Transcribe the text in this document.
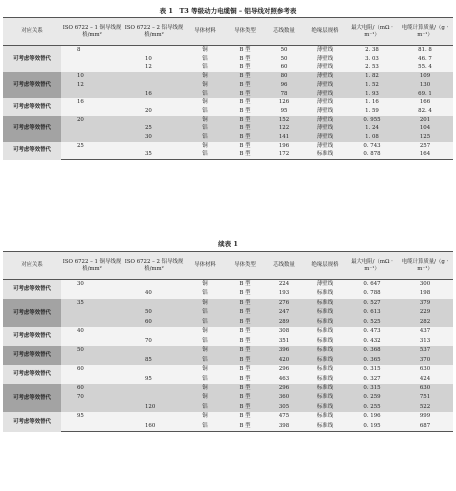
表 1　T3 等级动力电缆铜 – 铝导线对照参考表
对应关系	ISO 6722 – 1 铜导线规格/mm²	ISO 6722 – 2 铝导线规格/mm²	导体材料	导体类型	芯线数量	绝缘层规格	最大电阻/（mΩ · m⁻¹）	电缆计算质量/（g · m⁻¹）
可考虑等效替代	8		铜	B 型	50	薄壁线	2. 38	81. 8
		10	铝	B 型	50	薄壁线	3. 03	46. 7
		12	铝	B 型	60	薄壁线	2. 53	55. 4
可考虑等效替代	10		铜	B 型	80	薄壁线	1. 82	109
	12		铜	B 型	96	薄壁线	1. 52	130
		16	铝	B 型	78	薄壁线	1. 93	69. 1
可考虑等效替代	16		铜	B 型	126	薄壁线	1. 16	166
		20	铝	B 型	95	薄壁线	1. 59	82. 4
可考虑等效替代	20		铜	B 型	152	薄壁线	0. 955	201
		25	铝	B 型	122	薄壁线	1. 24	104
		30	铝	B 型	141	薄壁线	1. 08	125
可考虑等效替代	25		铜	B 型	196	薄壁线	0. 743	257
		35	铝	B 型	172	标准线	0. 878	164
续表 1
对应关系	ISO 6722 – 1 铜导线规格/mm²	ISO 6722 – 2 铝导线规格/mm²	导体材料	导体类型	芯线数量	绝缘层规格	最大电阻/（mΩ · m⁻¹）	电缆计算质量/（g · m⁻¹）
可考虑等效替代	30		铜	B 型	224	薄壁线	0. 647	300
		40	铝	B 型	193	标准线	0. 788	198
可考虑等效替代	35		铜	B 型	276	标准线	0. 527	379
		50	铝	B 型	247	标准线	0. 613	229
		60	铝	B 型	289	标准线	0. 525	282
可考虑等效替代	40		铜	B 型	308	标准线	0. 473	437
		70	铝	B 型	351	标准线	0. 432	313
可考虑等效替代	50		铜	B 型	396	标准线	0. 368	537
		85	铝	B 型	420	标准线	0. 365	370
可考虑等效替代	60		铜	B 型	296	标准线	0. 315	630
		95	铝	B 型	463	标准线	0. 327	424
可考虑等效替代	60		铜	B 型	296	标准线	0. 315	630
	70		铜	B 型	360	标准线	0. 259	751
		120	铝	B 型	305	标准线	0. 255	522
可考虑等效替代	95		铜	B 型	475	标准线	0. 196	999
		160	铝	B 型	398	标准线	0. 195	687
